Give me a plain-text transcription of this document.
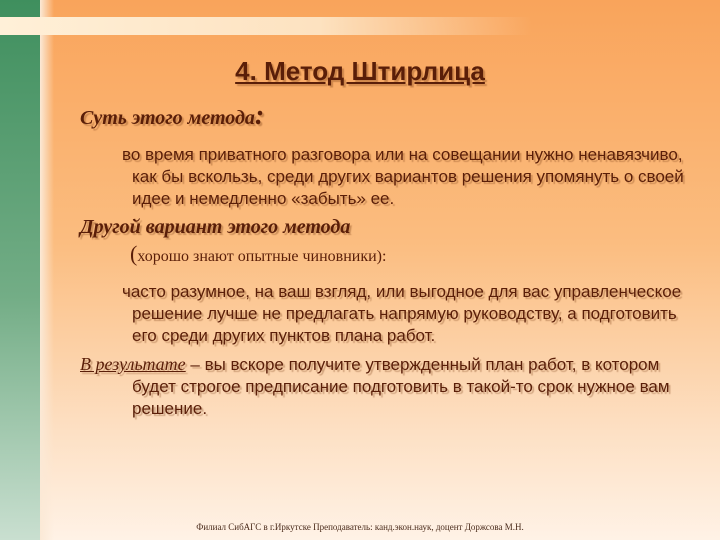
4. Метод Штирлица

Суть этого метода:

во время приватного разговора или на совещании нужно ненавязчиво, как бы вскользь, среди других вариантов решения упомянуть о своей идее и немедленно «забыть» ее.

Другой вариант этого метода

(хорошо знают опытные чиновники):

часто разумное, на ваш взгляд, или выгодное для вас управленческое решение лучше не предлагать напрямую руководству, а подготовить его среди других пунктов плана работ.

В результате – вы вскоре получите утвержденный план работ, в котором будет строгое предписание подготовить в такой-то срок нужное вам решение.

Филиал СибАГС в г.Иркутске Преподаватель: канд.экон.наук, доцент Доржсова М.Н.
